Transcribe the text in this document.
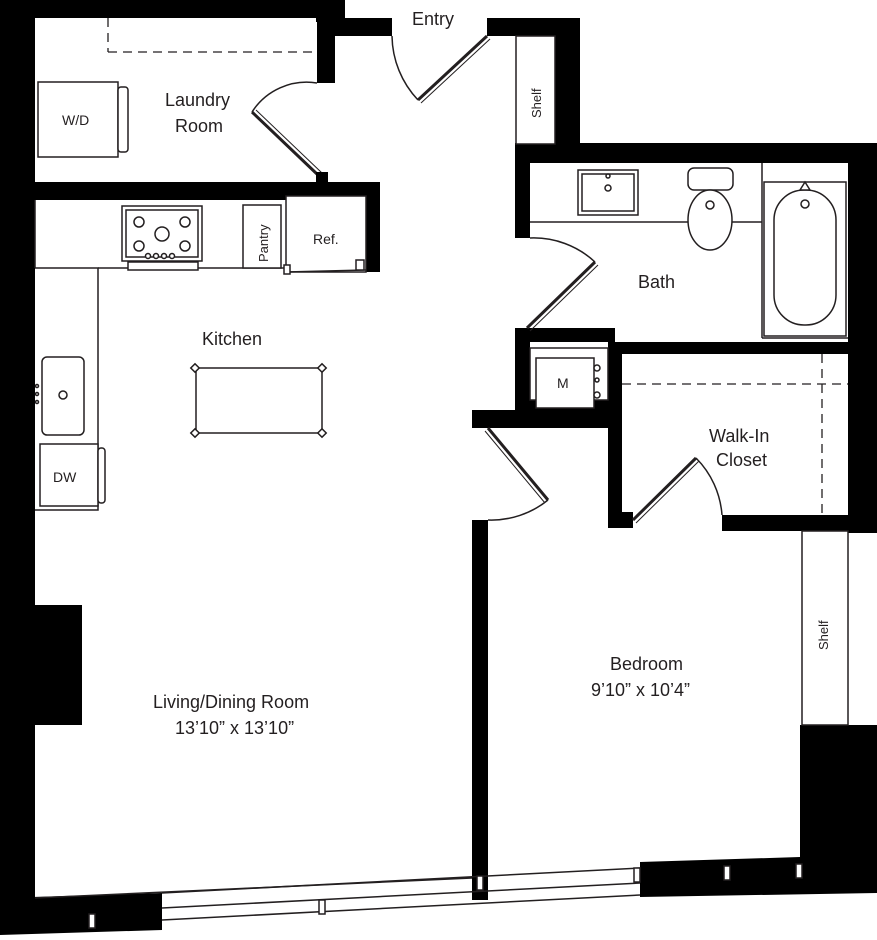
W/D
Laundry
Room
Entry
Shelf
Pantry	Ref.
DW
Kitchen
Bath
M
Walk-In
Closet
Shelf
Bedroom
9’10” x 10’4”
Living/Dining Room
13’10” x 13’10”
